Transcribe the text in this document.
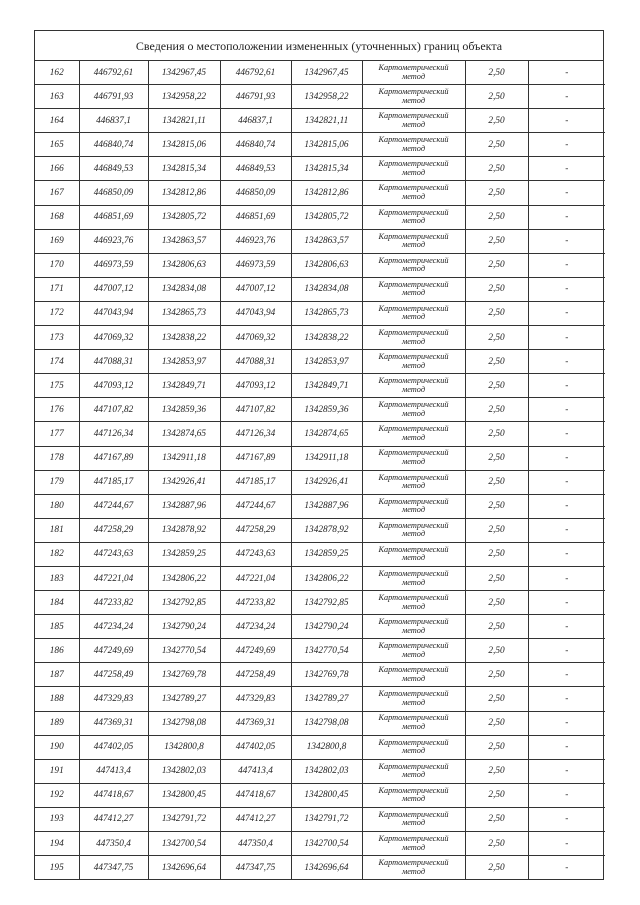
Сведения о местоположении измененных (уточненных) границ объекта
162	446792,61	1342967,45	446792,61	1342967,45	Картометрический
метод	2,50	-
163	446791,93	1342958,22	446791,93	1342958,22	Картометрический
метод	2,50	-
164	446837,1	1342821,11	446837,1	1342821,11	Картометрический
метод	2,50	-
165	446840,74	1342815,06	446840,74	1342815,06	Картометрический
метод	2,50	-
166	446849,53	1342815,34	446849,53	1342815,34	Картометрический
метод	2,50	-
167	446850,09	1342812,86	446850,09	1342812,86	Картометрический
метод	2,50	-
168	446851,69	1342805,72	446851,69	1342805,72	Картометрический
метод	2,50	-
169	446923,76	1342863,57	446923,76	1342863,57	Картометрический
метод	2,50	-
170	446973,59	1342806,63	446973,59	1342806,63	Картометрический
метод	2,50	-
171	447007,12	1342834,08	447007,12	1342834,08	Картометрический
метод	2,50	-
172	447043,94	1342865,73	447043,94	1342865,73	Картометрический
метод	2,50	-
173	447069,32	1342838,22	447069,32	1342838,22	Картометрический
метод	2,50	-
174	447088,31	1342853,97	447088,31	1342853,97	Картометрический
метод	2,50	-
175	447093,12	1342849,71	447093,12	1342849,71	Картометрический
метод	2,50	-
176	447107,82	1342859,36	447107,82	1342859,36	Картометрический
метод	2,50	-
177	447126,34	1342874,65	447126,34	1342874,65	Картометрический
метод	2,50	-
178	447167,89	1342911,18	447167,89	1342911,18	Картометрический
метод	2,50	-
179	447185,17	1342926,41	447185,17	1342926,41	Картометрический
метод	2,50	-
180	447244,67	1342887,96	447244,67	1342887,96	Картометрический
метод	2,50	-
181	447258,29	1342878,92	447258,29	1342878,92	Картометрический
метод	2,50	-
182	447243,63	1342859,25	447243,63	1342859,25	Картометрический
метод	2,50	-
183	447221,04	1342806,22	447221,04	1342806,22	Картометрический
метод	2,50	-
184	447233,82	1342792,85	447233,82	1342792,85	Картометрический
метод	2,50	-
185	447234,24	1342790,24	447234,24	1342790,24	Картометрический
метод	2,50	-
186	447249,69	1342770,54	447249,69	1342770,54	Картометрический
метод	2,50	-
187	447258,49	1342769,78	447258,49	1342769,78	Картометрический
метод	2,50	-
188	447329,83	1342789,27	447329,83	1342789,27	Картометрический
метод	2,50	-
189	447369,31	1342798,08	447369,31	1342798,08	Картометрический
метод	2,50	-
190	447402,05	1342800,8	447402,05	1342800,8	Картометрический
метод	2,50	-
191	447413,4	1342802,03	447413,4	1342802,03	Картометрический
метод	2,50	-
192	447418,67	1342800,45	447418,67	1342800,45	Картометрический
метод	2,50	-
193	447412,27	1342791,72	447412,27	1342791,72	Картометрический
метод	2,50	-
194	447350,4	1342700,54	447350,4	1342700,54	Картометрический
метод	2,50	-
195	447347,75	1342696,64	447347,75	1342696,64	Картометрический
метод	2,50	-
